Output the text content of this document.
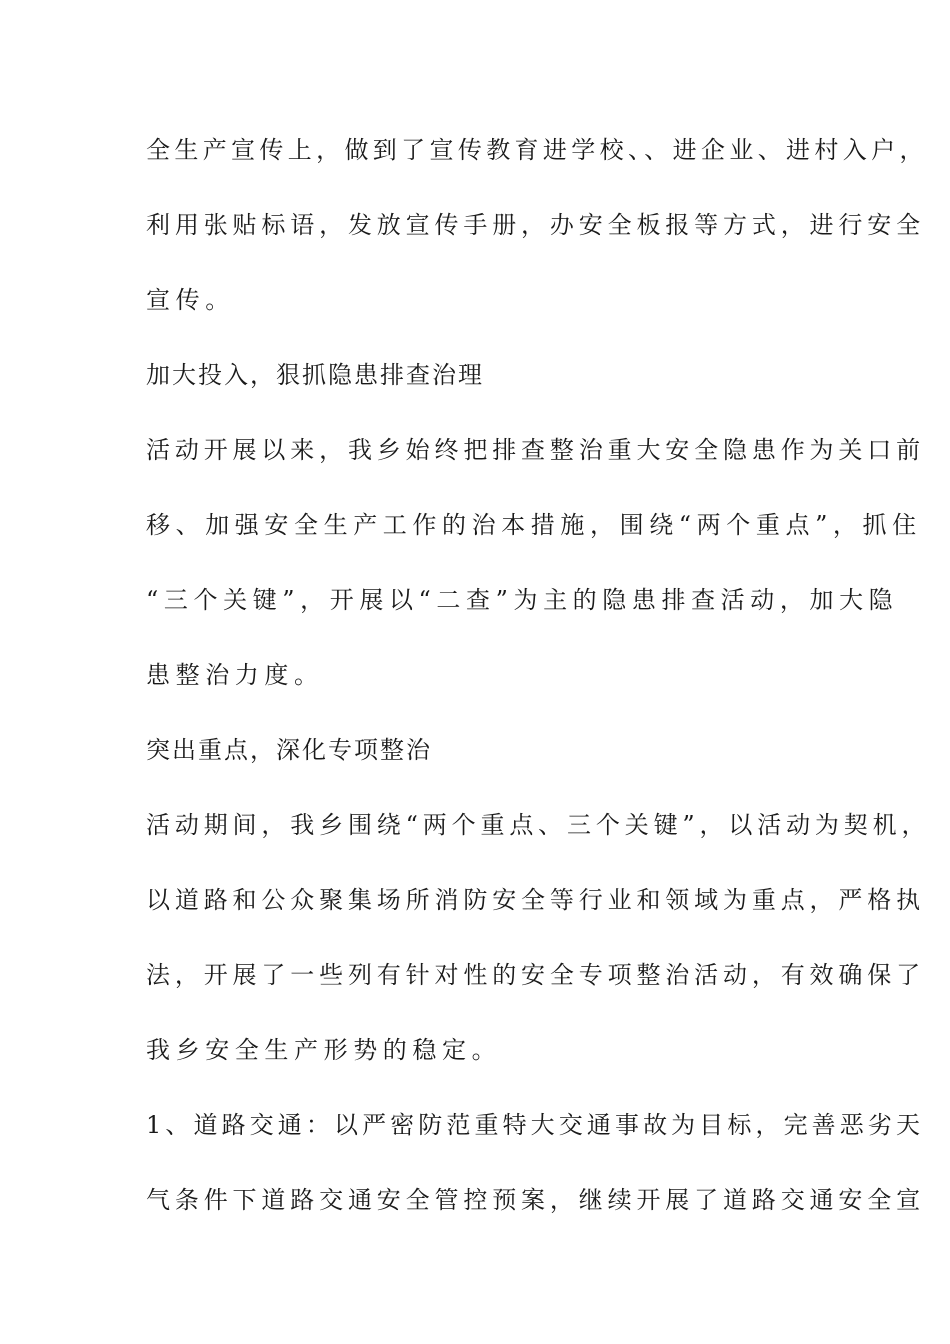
全生产宣传上，做到了宣传教育进学校、、进企业、进村入户，
利用张贴标语，发放宣传手册，办安全板报等方式，进行安全
宣传。
加大投入，狠抓隐患排查治理
活动开展以来，我乡始终把排查整治重大安全隐患作为关口前
移、加强安全生产工作的治本措施，围绕“两个重点”，抓住
“三个关键”，开展以“二查”为主的隐患排查活动，加大隐
患整治力度。
突出重点，深化专项整治
活动期间，我乡围绕“两个重点、三个关键”，以活动为契机，
以道路和公众聚集场所消防安全等行业和领域为重点，严格执
法，开展了一些列有针对性的安全专项整治活动，有效确保了
我乡安全生产形势的稳定。
1、道路交通：以严密防范重特大交通事故为目标，完善恶劣天
气条件下道路交通安全管控预案，继续开展了道路交通安全宣
